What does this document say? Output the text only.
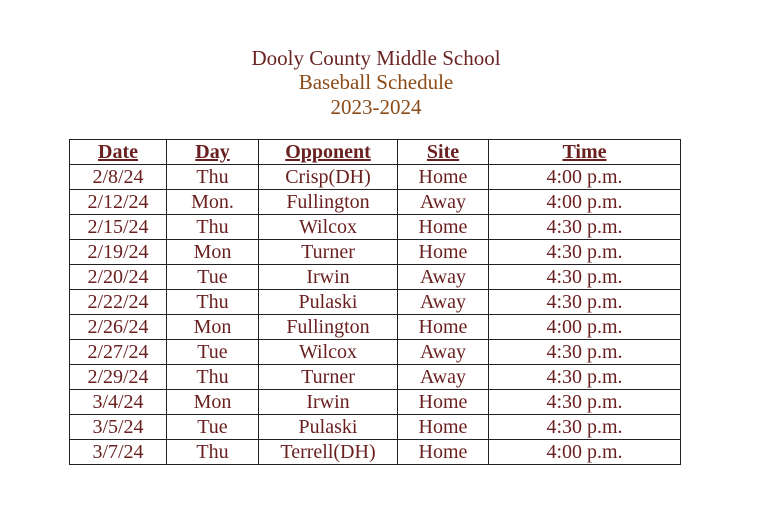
Dooly County Middle School
Baseball Schedule
2023-2024
Date	Day	Opponent	Site	Time
2/8/24	Thu	Crisp(DH)	Home	4:00 p.m.
2/12/24	Mon.	Fullington	Away	4:00 p.m.
2/15/24	Thu	Wilcox	Home	4:30 p.m.
2/19/24	Mon	Turner	Home	4:30 p.m.
2/20/24	Tue	Irwin	Away	4:30 p.m.
2/22/24	Thu	Pulaski	Away	4:30 p.m.
2/26/24	Mon	Fullington	Home	4:00 p.m.
2/27/24	Tue	Wilcox	Away	4:30 p.m.
2/29/24	Thu	Turner	Away	4:30 p.m.
3/4/24	Mon	Irwin	Home	4:30 p.m.
3/5/24	Tue	Pulaski	Home	4:30 p.m.
3/7/24	Thu	Terrell(DH)	Home	4:00 p.m.
